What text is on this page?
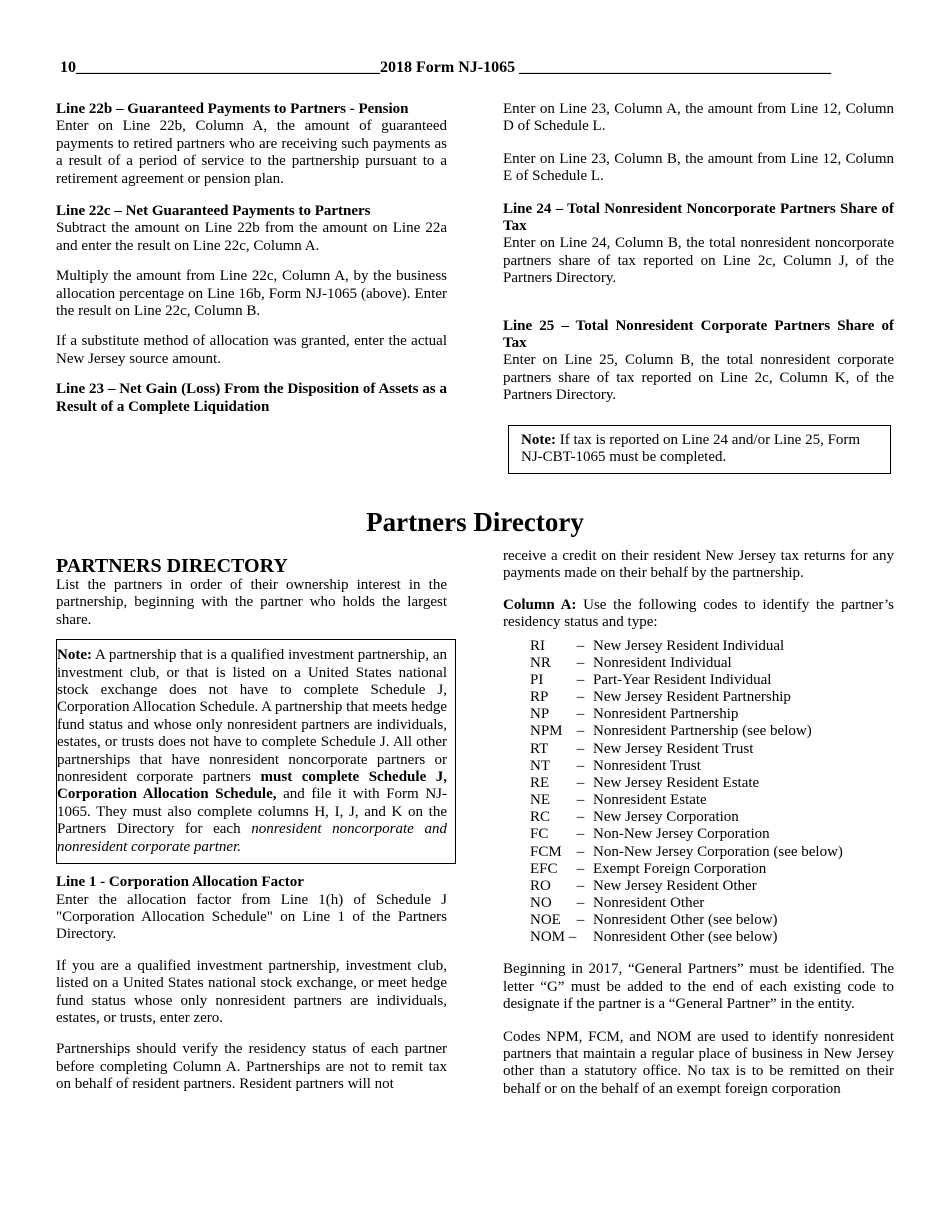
10______________________________________2018 Form NJ-1065 _______________________________________

Line 22b – Guaranteed Payments to Partners - Pension

Enter on Line 22b, Column A, the amount of guaranteed payments to retired partners who are receiving such payments as a result of a period of service to the partnership pursuant to a retirement agreement or pension plan.

Line 22c – Net Guaranteed Payments to Partners

Subtract the amount on Line 22b from the amount on Line 22a and enter the result on Line 22c, Column A.

Multiply the amount from Line 22c, Column A, by the business allocation percentage on Line 16b, Form NJ-1065 (above). Enter the result on Line 22c, Column B.

If a substitute method of allocation was granted, enter the actual New Jersey source amount.

Line 23 – Net Gain (Loss) From the Disposition of Assets as a Result of a Complete Liquidation

Enter on Line 23, Column A, the amount from Line 12, Column D of Schedule L.

Enter on Line 23, Column B, the amount from Line 12, Column E of Schedule L.

Line 24 – Total Nonresident Noncorporate Partners Share of Tax

Enter on Line 24, Column B, the total nonresident noncorporate partners share of tax reported on Line 2c, Column J, of the Partners Directory.

Line 25 – Total Nonresident Corporate Partners Share of Tax

Enter on Line 25, Column B, the total nonresident corporate partners share of tax reported on Line 2c, Column K, of the Partners Directory.

Note: If tax is reported on Line 24 and/or Line 25, Form NJ-CBT-1065 must be completed.

Partners Directory

PARTNERS DIRECTORY

List the partners in order of their ownership interest in the partnership, beginning with the partner who holds the largest share.

Note: A partnership that is a qualified investment partnership, an investment club, or that is listed on a United States national stock exchange does not have to complete Schedule J, Corporation Allocation Schedule. A partnership that meets hedge fund status and whose only nonresident partners are individuals, estates, or trusts does not have to complete Schedule J. All other partnerships that have nonresident noncorporate partners or nonresident corporate partners must complete Schedule J, Corporation Allocation Schedule, and file it with Form NJ-1065. They must also complete columns H, I, J, and K on the Partners Directory for each nonresident noncorporate and nonresident corporate partner.

Line 1 - Corporation Allocation Factor

Enter the allocation factor from Line 1(h) of Schedule J "Corporation Allocation Schedule" on Line 1 of the Partners Directory.

If you are a qualified investment partnership, investment club, listed on a United States national stock exchange, or meet hedge fund status whose only nonresident partners are individuals, estates, or trusts, enter zero.

Partnerships should verify the residency status of each partner before completing Column A. Partnerships are not to remit tax on behalf of resident partners. Resident partners will not

receive a credit on their resident New Jersey tax returns for any payments made on their behalf by the partnership.

Column A: Use the following codes to identify the partner’s residency status and type:

RI	–	New Jersey Resident Individual
NR	–	Nonresident Individual
PI	–	Part-Year Resident Individual
RP	–	New Jersey Resident Partnership
NP	–	Nonresident Partnership
NPM	–	Nonresident Partnership (see below)
RT	–	New Jersey Resident Trust
NT	–	Nonresident Trust
RE	–	New Jersey Resident Estate
NE	–	Nonresident Estate
RC	–	New Jersey Corporation
FC	–	Non-New Jersey Corporation
FCM	–	Non-New Jersey Corporation (see below)
EFC	–	Exempt Foreign Corporation
RO	–	New Jersey Resident Other
NO	–	Nonresident Other
NOE	–	Nonresident Other (see below)
NOM –		Nonresident Other (see below)

Beginning in 2017, “General Partners” must be identified. The letter “G” must be added to the end of each existing code to designate if the partner is a “General Partner” in the entity.

Codes NPM, FCM, and NOM are used to identify nonresident partners that maintain a regular place of business in New Jersey other than a statutory office. No tax is to be remitted on their behalf or on the behalf of an exempt foreign corporation
